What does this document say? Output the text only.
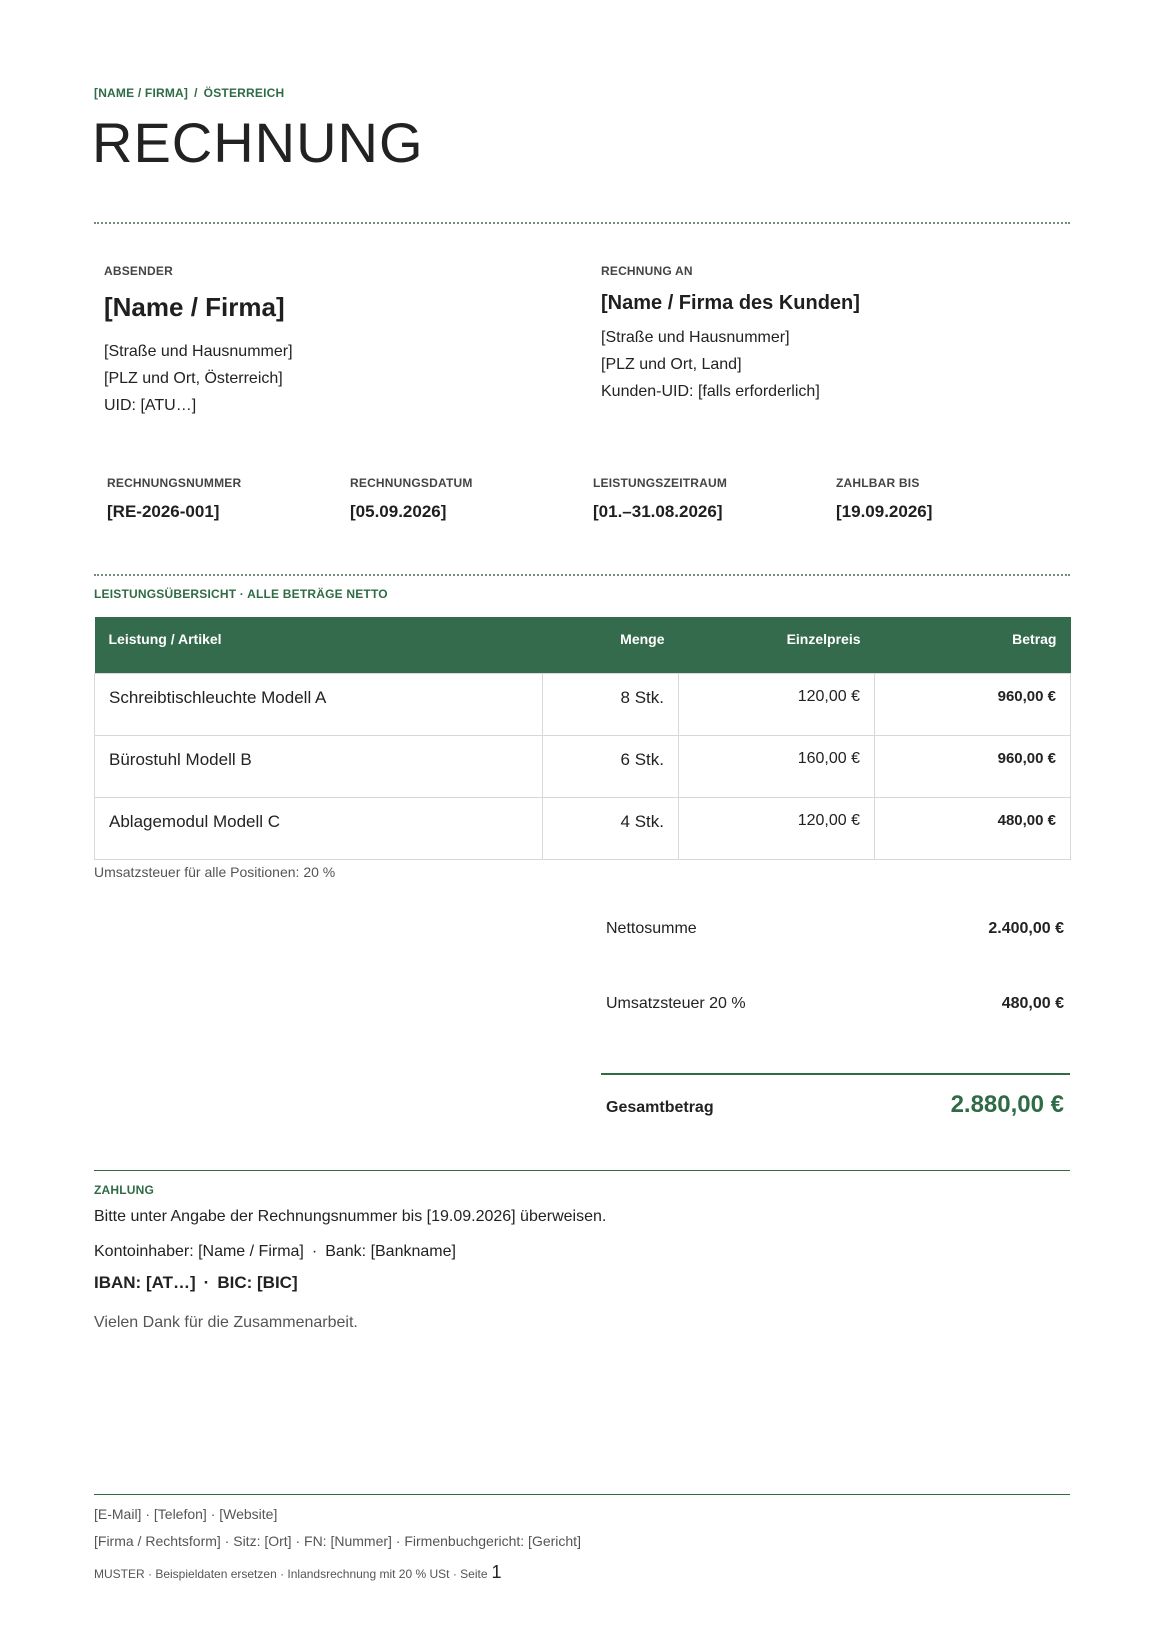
[NAME / FIRMA] / ÖSTERREICH
RECHNUNG
ABSENDER
[Name / Firma]
[Straße und Hausnummer]
[PLZ und Ort, Österreich]
UID: [ATU…]
RECHNUNG AN
[Name / Firma des Kunden]
[Straße und Hausnummer]
[PLZ und Ort, Land]
Kunden-UID: [falls erforderlich]
RECHNUNGSNUMMER
[RE-2026-001]
RECHNUNGSDATUM
[05.09.2026]
LEISTUNGSZEITRAUM
[01.–31.08.2026]
ZAHLBAR BIS
[19.09.2026]
LEISTUNGSÜBERSICHT · ALLE BETRÄGE NETTO
Leistung / Artikel	Menge	Einzelpreis	Betrag
Schreibtischleuchte Modell A	8 Stk.	120,00 €	960,00 €
Bürostuhl Modell B	6 Stk.	160,00 €	960,00 €
Ablagemodul Modell C	4 Stk.	120,00 €	480,00 €
Umsatzsteuer für alle Positionen: 20 %
Nettosumme	2.400,00 €
Umsatzsteuer 20 %	480,00 €
Gesamtbetrag	2.880,00 €
ZAHLUNG
Bitte unter Angabe der Rechnungsnummer bis [19.09.2026] überweisen.
Kontoinhaber: [Name / Firma] · Bank: [Bankname]
IBAN: [AT…] · BIC: [BIC]
Vielen Dank für die Zusammenarbeit.
[E-Mail] · [Telefon] · [Website]
[Firma / Rechtsform] · Sitz: [Ort] · FN: [Nummer] · Firmenbuchgericht: [Gericht]
MUSTER · Beispieldaten ersetzen · Inlandsrechnung mit 20 % USt · Seite 1
